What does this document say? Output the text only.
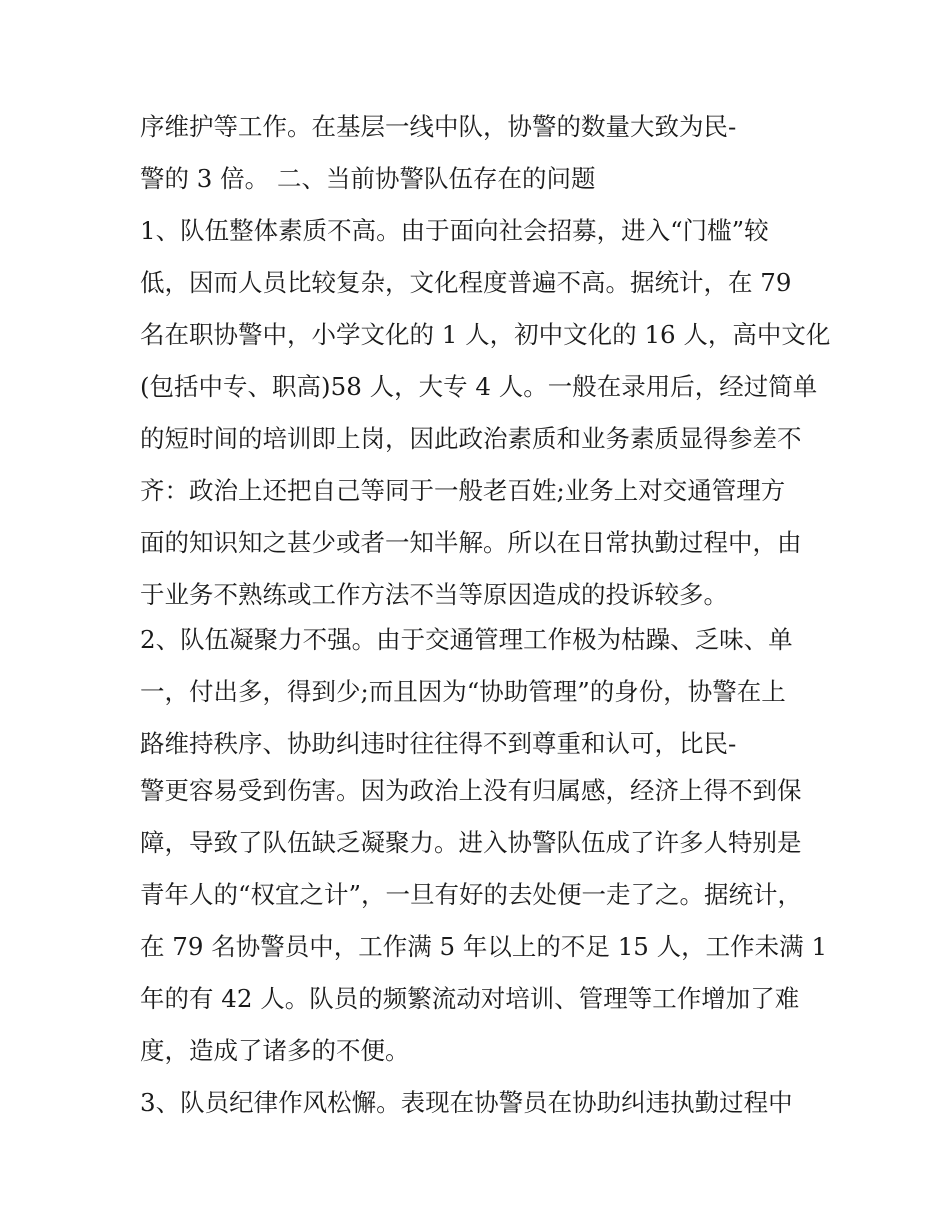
序维护等工作。在基层一线中队，协警的数量大致为民-
警的 3 倍。 二、当前协警队伍存在的问题
1、队伍整体素质不高。由于面向社会招募，进入“门槛”较
低，因而人员比较复杂，文化程度普遍不高。据统计，在 79
名在职协警中，小学文化的 1 人，初中文化的 16 人，高中文化
(包括中专、职高)58 人，大专 4 人。一般在录用后，经过简单
的短时间的培训即上岗，因此政治素质和业务素质显得参差不
齐：政治上还把自己等同于一般老百姓;业务上对交通管理方
面的知识知之甚少或者一知半解。所以在日常执勤过程中，由
于业务不熟练或工作方法不当等原因造成的投诉较多。
2、队伍凝聚力不强。由于交通管理工作极为枯躁、乏味、单
一，付出多，得到少;而且因为“协助管理”的身份，协警在上
路维持秩序、协助纠违时往往得不到尊重和认可，比民-
警更容易受到伤害。因为政治上没有归属感，经济上得不到保
障，导致了队伍缺乏凝聚力。进入协警队伍成了许多人特别是
青年人的“权宜之计”，一旦有好的去处便一走了之。据统计，
在 79 名协警员中，工作满 5 年以上的不足 15 人，工作未满 1
年的有 42 人。队员的频繁流动对培训、管理等工作增加了难
度，造成了诸多的不便。
3、队员纪律作风松懈。表现在协警员在协助纠违执勤过程中
